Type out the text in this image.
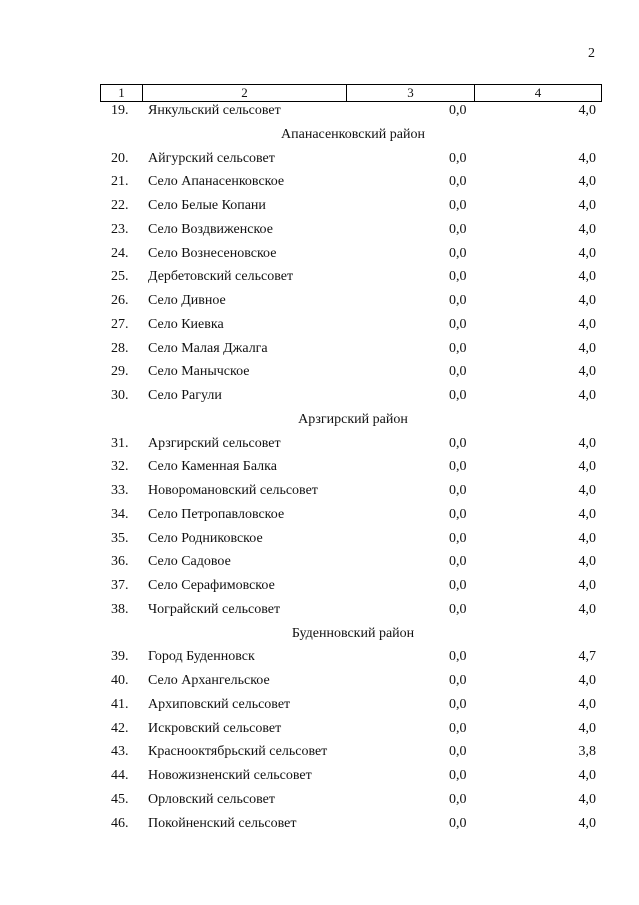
2
1	2	3	4
19. Янкульский сельсовет	0,0	4,0
Апанасенковский район
20. Айгурский сельсовет	0,0	4,0
21. Село Апанасенковское	0,0	4,0
22. Село Белые Копани	0,0	4,0
23. Село Воздвиженское	0,0	4,0
24. Село Вознесеновское	0,0	4,0
25. Дербетовский сельсовет	0,0	4,0
26. Село Дивное	0,0	4,0
27. Село Киевка	0,0	4,0
28. Село Малая Джалга	0,0	4,0
29. Село Манычское	0,0	4,0
30. Село Рагули	0,0	4,0
Арзгирский район
31. Арзгирский сельсовет	0,0	4,0
32. Село Каменная Балка	0,0	4,0
33. Новоромановский сельсовет	0,0	4,0
34. Село Петропавловское	0,0	4,0
35. Село Родниковское	0,0	4,0
36. Село Садовое	0,0	4,0
37. Село Серафимовское	0,0	4,0
38. Чограйский сельсовет	0,0	4,0
Буденновский район
39. Город Буденновск	0,0	4,7
40. Село Архангельское	0,0	4,0
41. Архиповский сельсовет	0,0	4,0
42. Искровский сельсовет	0,0	4,0
43. Краснооктябрьский сельсовет	0,0	3,8
44. Новожизненский сельсовет	0,0	4,0
45. Орловский сельсовет	0,0	4,0
46. Покойненский сельсовет	0,0	4,0
